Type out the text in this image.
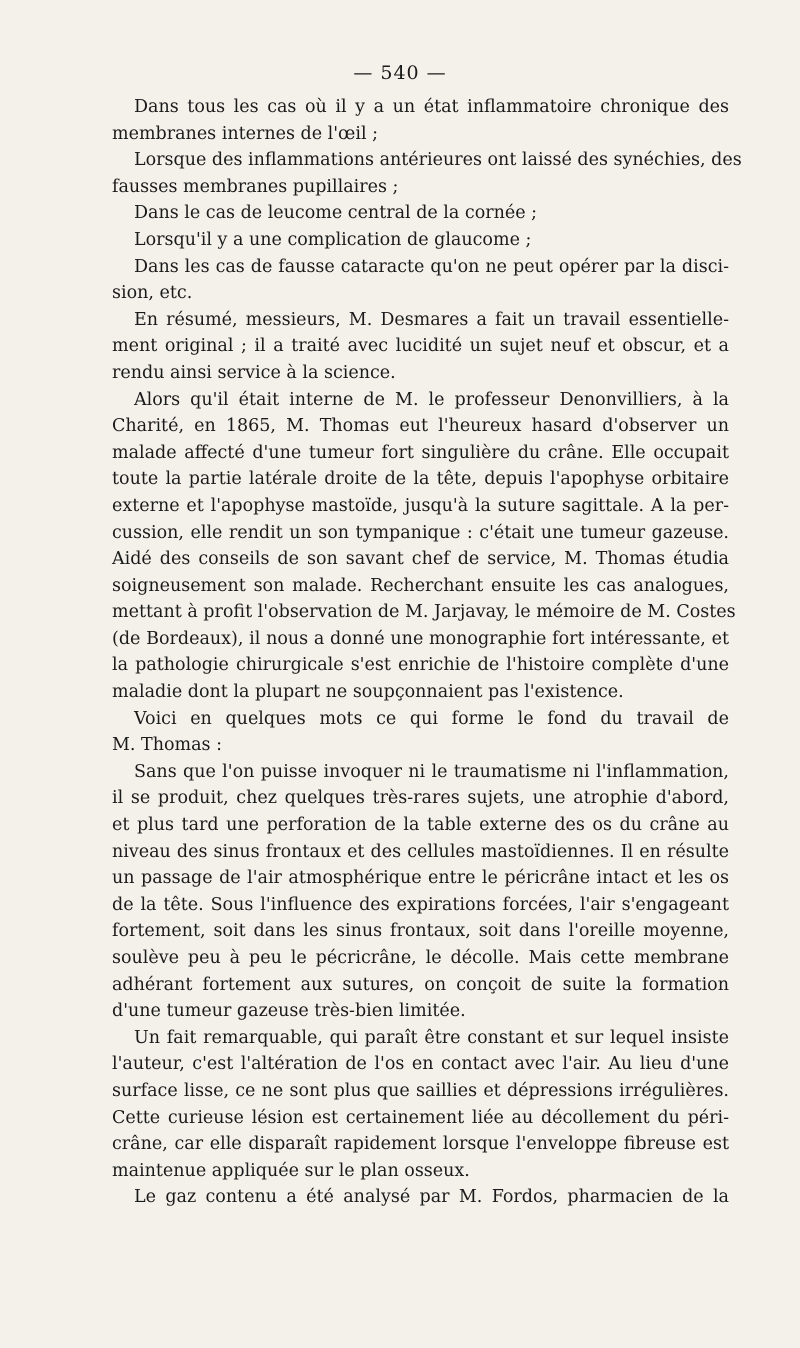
— 540 —
Dans tous les cas où il y a un état inflammatoire chronique des
membranes internes de l'œil ;
Lorsque des inflammations antérieures ont laissé des synéchies, des
fausses membranes pupillaires ;
Dans le cas de leucome central de la cornée ;
Lorsqu'il y a une complication de glaucome ;
Dans les cas de fausse cataracte qu'on ne peut opérer par la disci-
sion, etc.
En résumé, messieurs, M. Desmares a fait un travail essentielle-
ment original ; il a traité avec lucidité un sujet neuf et obscur, et a
rendu ainsi service à la science.
Alors qu'il était interne de M. le professeur Denonvilliers, à la
Charité, en 1865, M. Thomas eut l'heureux hasard d'observer un
malade affecté d'une tumeur fort singulière du crâne. Elle occupait
toute la partie latérale droite de la tête, depuis l'apophyse orbitaire
externe et l'apophyse mastoïde, jusqu'à la suture sagittale. A la per-
cussion, elle rendit un son tympanique : c'était une tumeur gazeuse.
Aidé des conseils de son savant chef de service, M. Thomas étudia
soigneusement son malade. Recherchant ensuite les cas analogues,
mettant à profit l'observation de M. Jarjavay, le mémoire de M. Costes
(de Bordeaux), il nous a donné une monographie fort intéressante, et
la pathologie chirurgicale s'est enrichie de l'histoire complète d'une
maladie dont la plupart ne soupçonnaient pas l'existence.
Voici en quelques mots ce qui forme le fond du travail de
M. Thomas :
Sans que l'on puisse invoquer ni le traumatisme ni l'inflammation,
il se produit, chez quelques très-rares sujets, une atrophie d'abord,
et plus tard une perforation de la table externe des os du crâne au
niveau des sinus frontaux et des cellules mastoïdiennes. Il en résulte
un passage de l'air atmosphérique entre le péricrâne intact et les os
de la tête. Sous l'influence des expirations forcées, l'air s'engageant
fortement, soit dans les sinus frontaux, soit dans l'oreille moyenne,
soulève peu à peu le pécricrâne, le décolle. Mais cette membrane
adhérant fortement aux sutures, on conçoit de suite la formation
d'une tumeur gazeuse très-bien limitée.
Un fait remarquable, qui paraît être constant et sur lequel insiste
l'auteur, c'est l'altération de l'os en contact avec l'air. Au lieu d'une
surface lisse, ce ne sont plus que saillies et dépressions irrégulières.
Cette curieuse lésion est certainement liée au décollement du péri-
crâne, car elle disparaît rapidement lorsque l'enveloppe fibreuse est
maintenue appliquée sur le plan osseux.
Le gaz contenu a été analysé par M. Fordos, pharmacien de la
